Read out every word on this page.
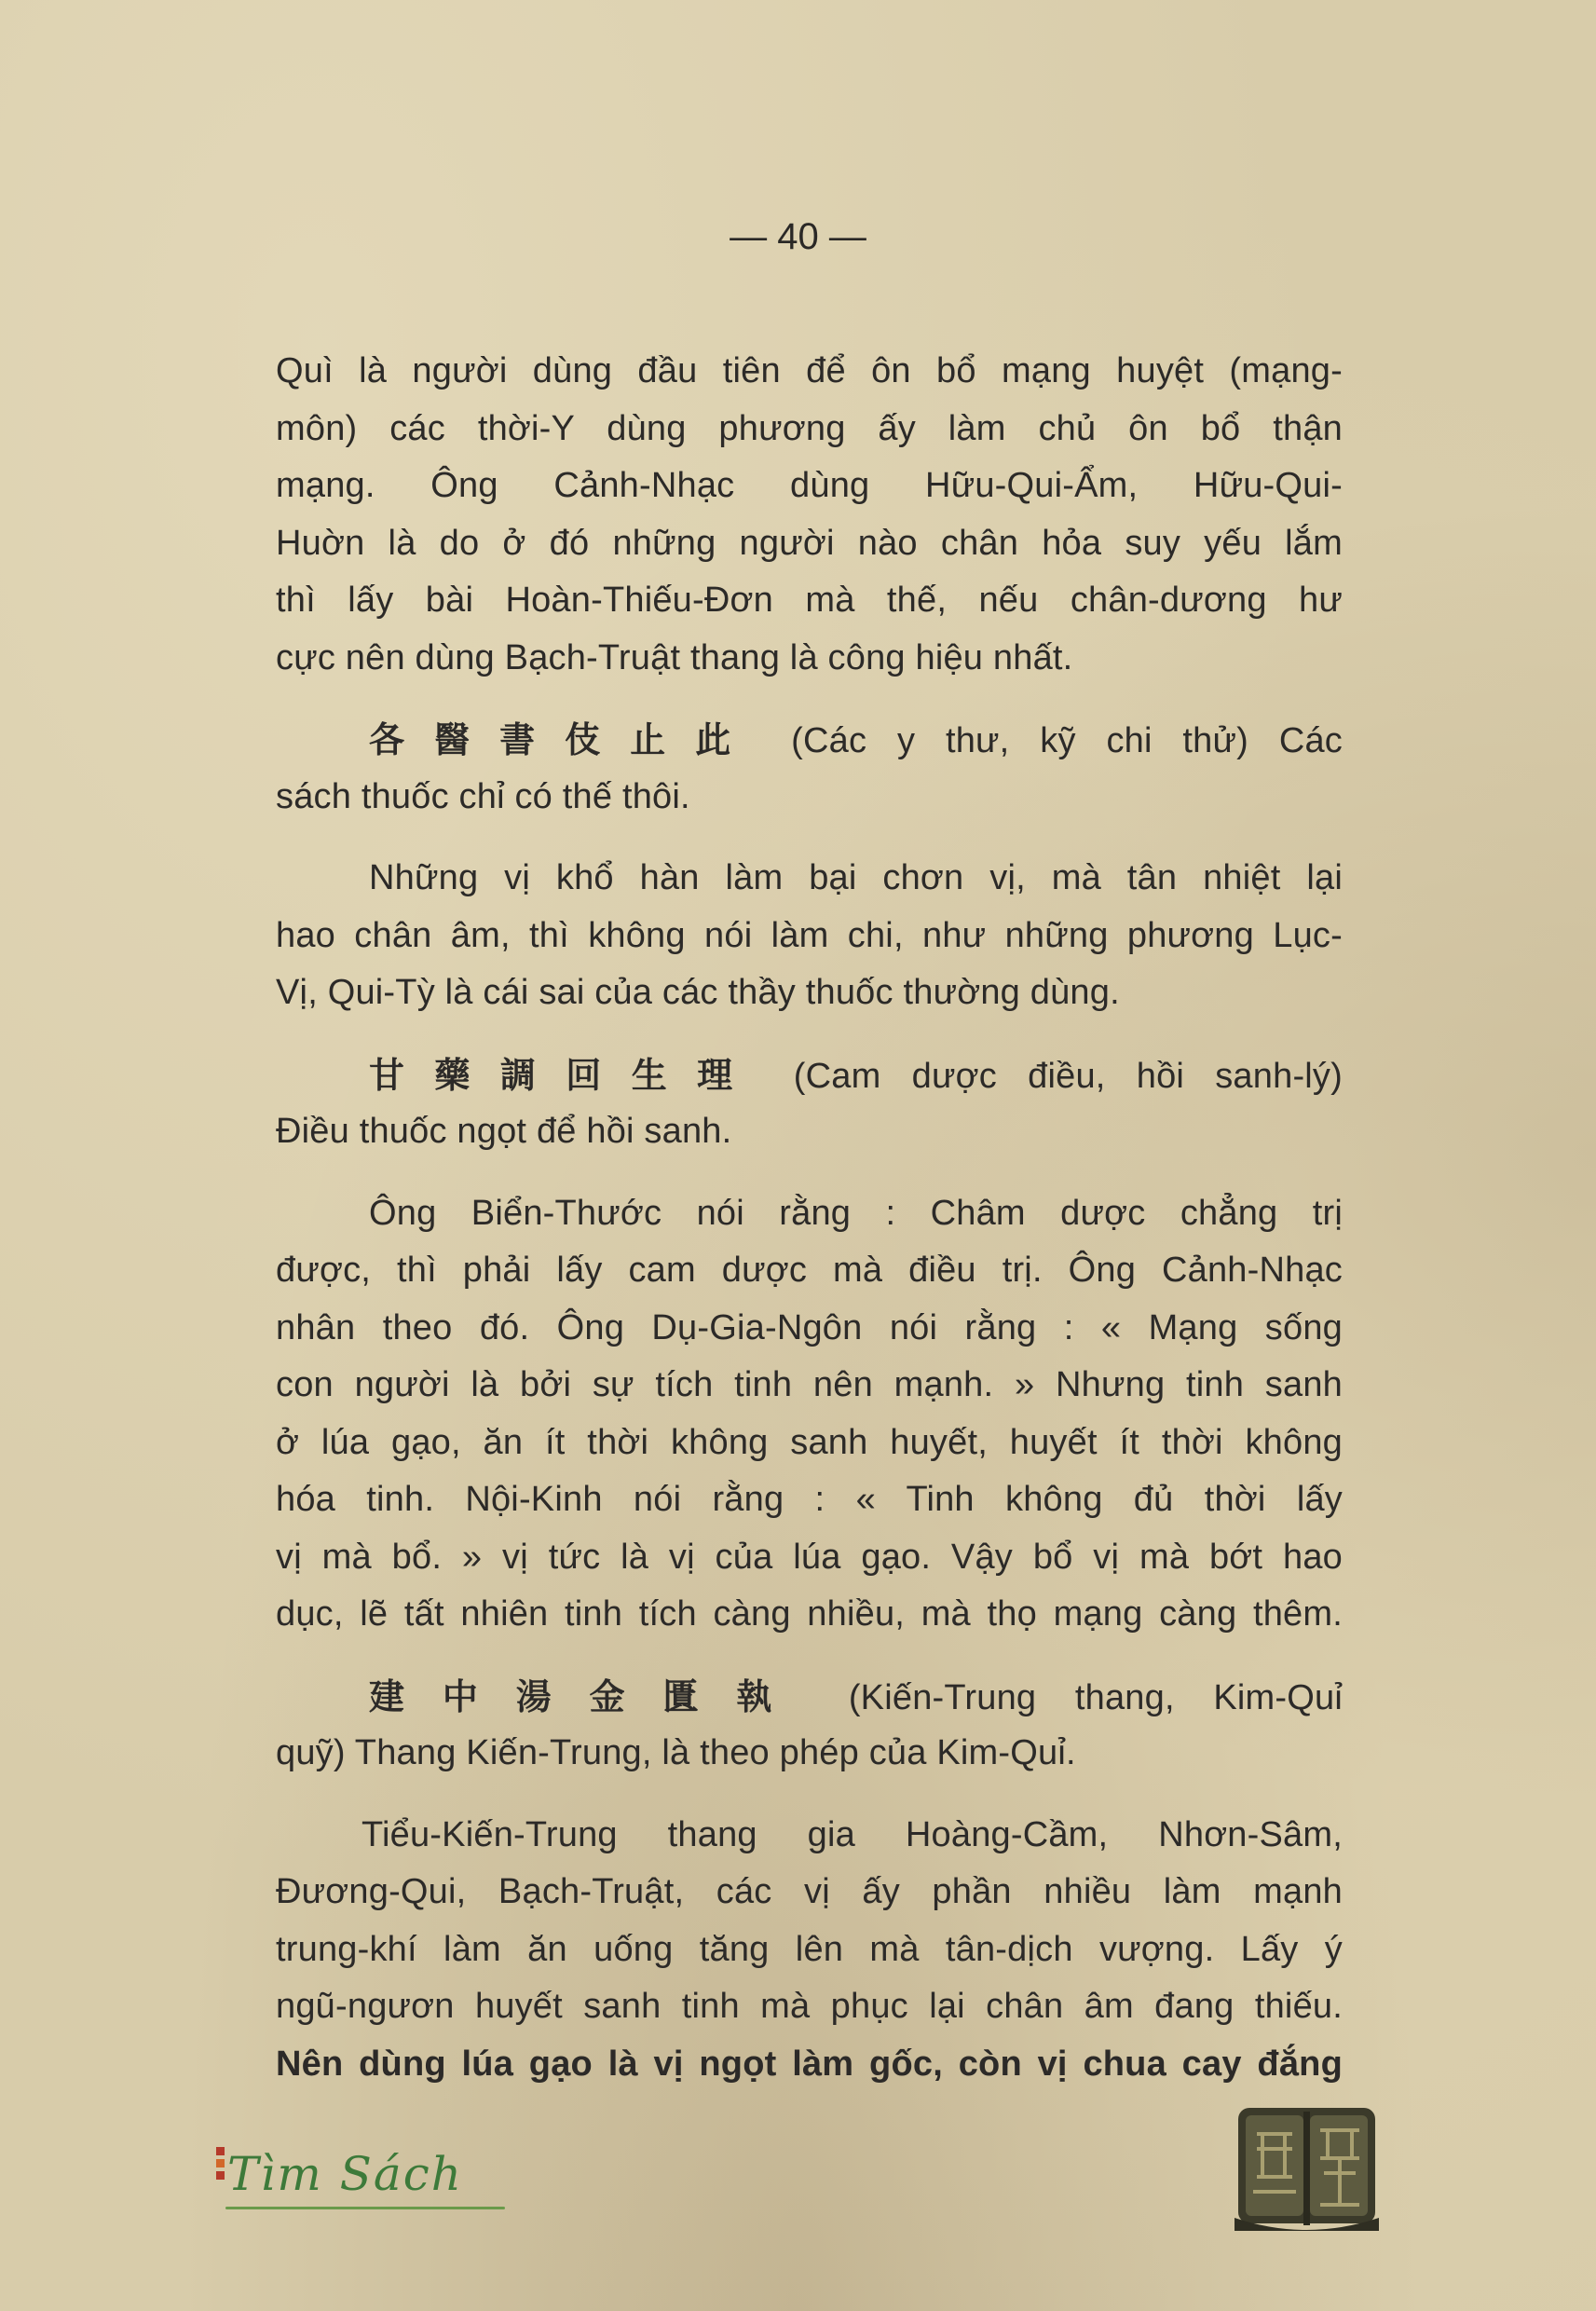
— 40 —
Quì là người dùng đầu tiên để ôn bổ mạng huyệt (mạng-
môn) các thời-Y dùng phương ấy làm chủ ôn bổ thận
mạng. Ông Cảnh-Nhạc dùng Hữu-Qui-Ẩm, Hữu-Qui-
Huờn là do ở đó những người nào chân hỏa suy yếu lắm
thì lấy bài Hoàn-Thiếu-Đơn mà thế, nếu chân-dương hư
cực nên dùng Bạch-Truật thang là công hiệu nhất.
各醫書伎止此 (Các y thư, kỹ chi thử) Các
sách thuốc chỉ có thế thôi.
Những vị khổ hàn làm bại chơn vị, mà tân nhiệt lại
hao chân âm, thì không nói làm chi, như những phương Lục-
Vị, Qui-Tỳ là cái sai của các thầy thuốc thường dùng.
甘藥調回生理 (Cam dược điều, hồi sanh-lý)
Điều thuốc ngọt để hồi sanh.
Ông Biển-Thước nói rằng : Châm dược chẳng trị
được, thì phải lấy cam dược mà điều trị. Ông Cảnh-Nhạc
nhân theo đó. Ông Dụ-Gia-Ngôn nói rằng : « Mạng sống
con người là bởi sự tích tinh nên mạnh. » Nhưng tinh sanh
ở lúa gạo, ăn ít thời không sanh huyết, huyết ít thời không
hóa tinh. Nội-Kinh nói rằng : « Tinh không đủ thời lấy
vị mà bổ. » vị tức là vị của lúa gạo. Vậy bổ vị mà bớt hao
dục, lẽ tất nhiên tinh tích càng nhiều, mà thọ mạng càng thêm.
建中湯金匱執 (Kiến-Trung thang, Kim-Quỉ
quỹ) Thang Kiến-Trung, là theo phép của Kim-Quỉ.
Tiểu-Kiến-Trung thang gia Hoàng-Cầm, Nhơn-Sâm,
Đương-Qui, Bạch-Truật, các vị ấy phần nhiều làm mạnh
trung-khí làm ăn uống tăng lên mà tân-dịch vượng. Lấy ý
ngũ-ngươn huyết sanh tinh mà phục lại chân âm đang thiếu.
Nên dùng lúa gạo là vị ngọt làm gốc, còn vị chua cay đắng
Tìm Sách
